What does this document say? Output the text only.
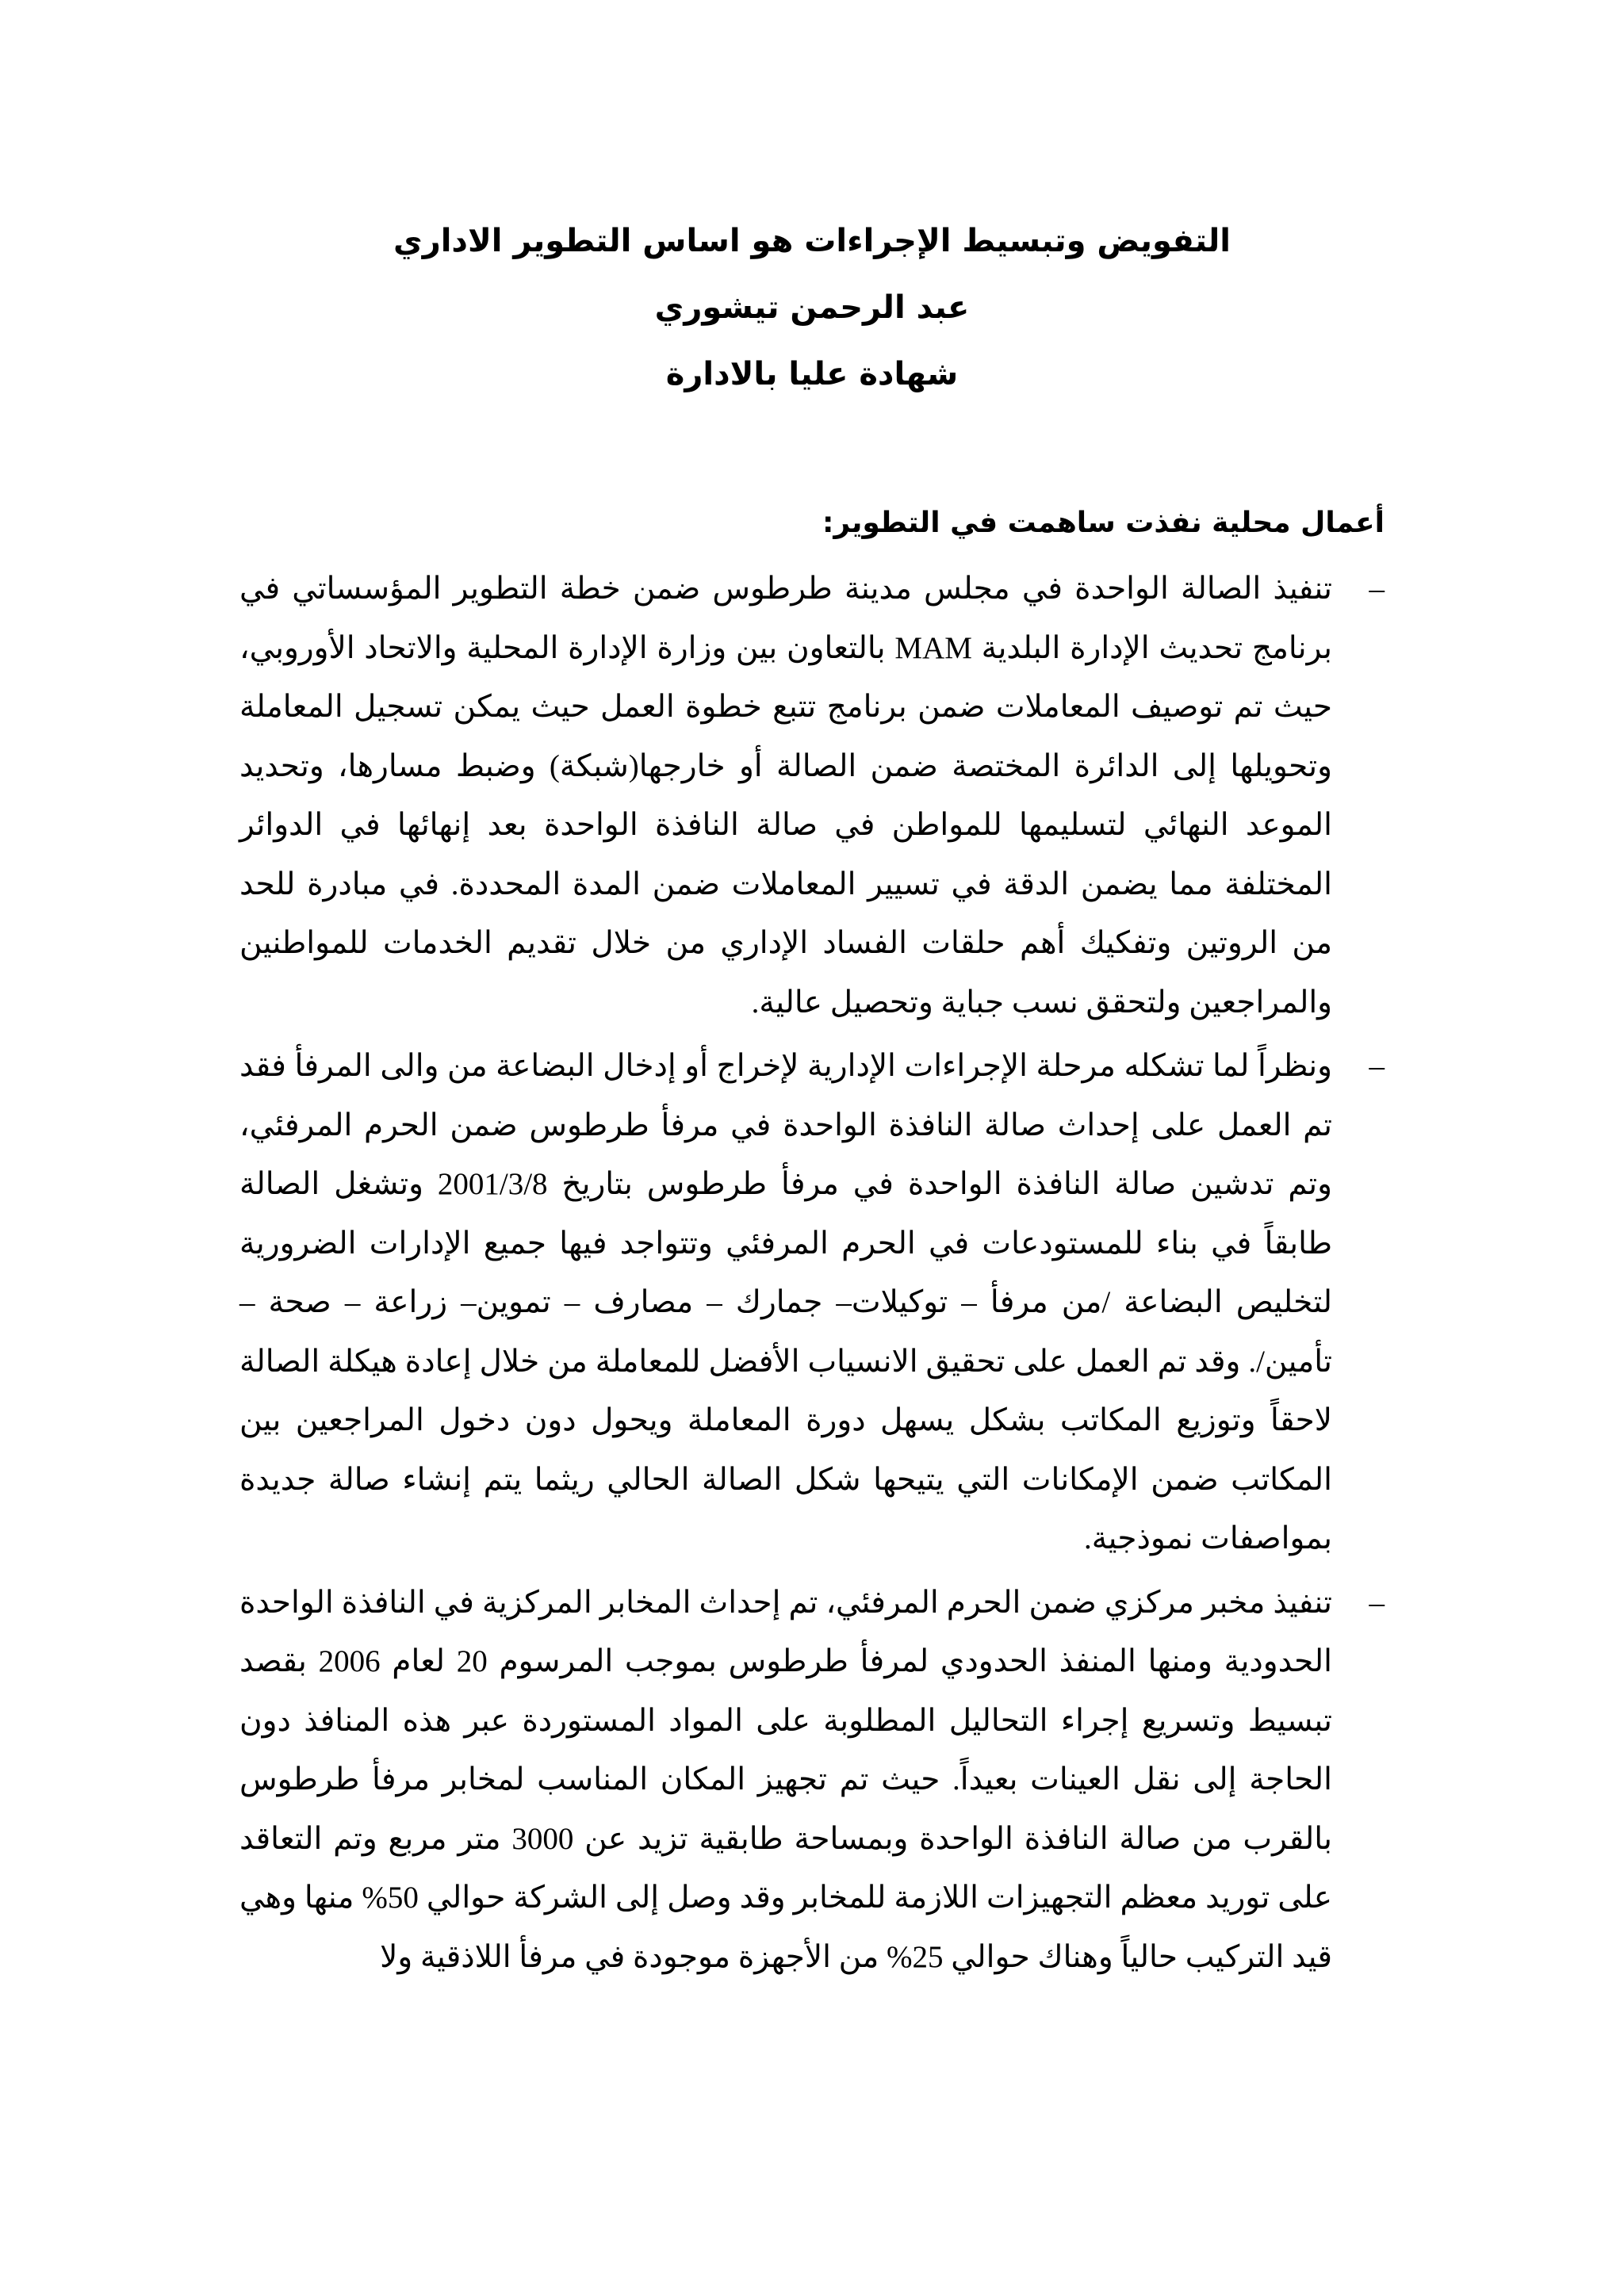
التفويض وتبسيط الإجراءات هو اساس التطوير الاداري

عبد الرحمن تيشوري

شهادة عليا بالادارة

أعمال محلية نفذت ساهمت في التطوير:
–
تنفيذ الصالة الواحدة في مجلس مدينة طرطوس ضمن خطة التطوير المؤسساتي في برنامج تحديث الإدارة البلدية MAM بالتعاون بين وزارة الإدارة المحلية والاتحاد الأوروبي، حيث تم توصيف المعاملات ضمن برنامج تتبع خطوة العمل حيث يمكن تسجيل المعاملة وتحويلها إلى الدائرة المختصة ضمن الصالة أو خارجها(شبكة) وضبط مسارها، وتحديد الموعد النهائي لتسليمها للمواطن في صالة النافذة الواحدة بعد إنهائها في الدوائر المختلفة مما يضمن الدقة في تسيير المعاملات ضمن المدة المحددة. في مبادرة للحد من الروتين وتفكيك أهم حلقات الفساد الإداري من خلال تقديم الخدمات للمواطنين والمراجعين ولتحقق نسب جباية وتحصيل عالية.
–
ونظراً لما تشكله مرحلة الإجراءات الإدارية لإخراج أو إدخال البضاعة من والى المرفأ فقد تم العمل على إحداث صالة النافذة الواحدة في مرفأ طرطوس ضمن الحرم المرفئي، وتم تدشين صالة النافذة الواحدة في مرفأ طرطوس بتاريخ 2001/3/8 وتشغل الصالة طابقاً في بناء للمستودعات في الحرم المرفئي وتتواجد فيها جميع الإدارات الضرورية لتخليص البضاعة /من مرفأ – توكيلات– جمارك – مصارف – تموين– زراعة – صحة – تأمين/. وقد تم العمل على تحقيق الانسياب الأفضل للمعاملة من خلال إعادة هيكلة الصالة لاحقاً وتوزيع المكاتب بشكل يسهل دورة المعاملة ويحول دون دخول المراجعين بين المكاتب ضمن الإمكانات التي يتيحها شكل الصالة الحالي ريثما يتم إنشاء صالة جديدة بمواصفات نموذجية.
–
تنفيذ مخبر مركزي ضمن الحرم المرفئي، تم إحداث المخابر المركزية في النافذة الواحدة الحدودية ومنها المنفذ الحدودي لمرفأ طرطوس بموجب المرسوم 20 لعام 2006 بقصد تبسيط وتسريع إجراء التحاليل المطلوبة على المواد المستوردة عبر هذه المنافذ دون الحاجة إلى نقل العينات بعيداً. حيث تم تجهيز المكان المناسب لمخابر مرفأ طرطوس بالقرب من صالة النافذة الواحدة وبمساحة طابقية تزيد عن 3000 متر مربع وتم التعاقد على توريد معظم التجهيزات اللازمة للمخابر وقد وصل إلى الشركة حوالي 50% منها وهي قيد التركيب حالياً وهناك حوالي 25% من الأجهزة موجودة في مرفأ اللاذقية ولا
